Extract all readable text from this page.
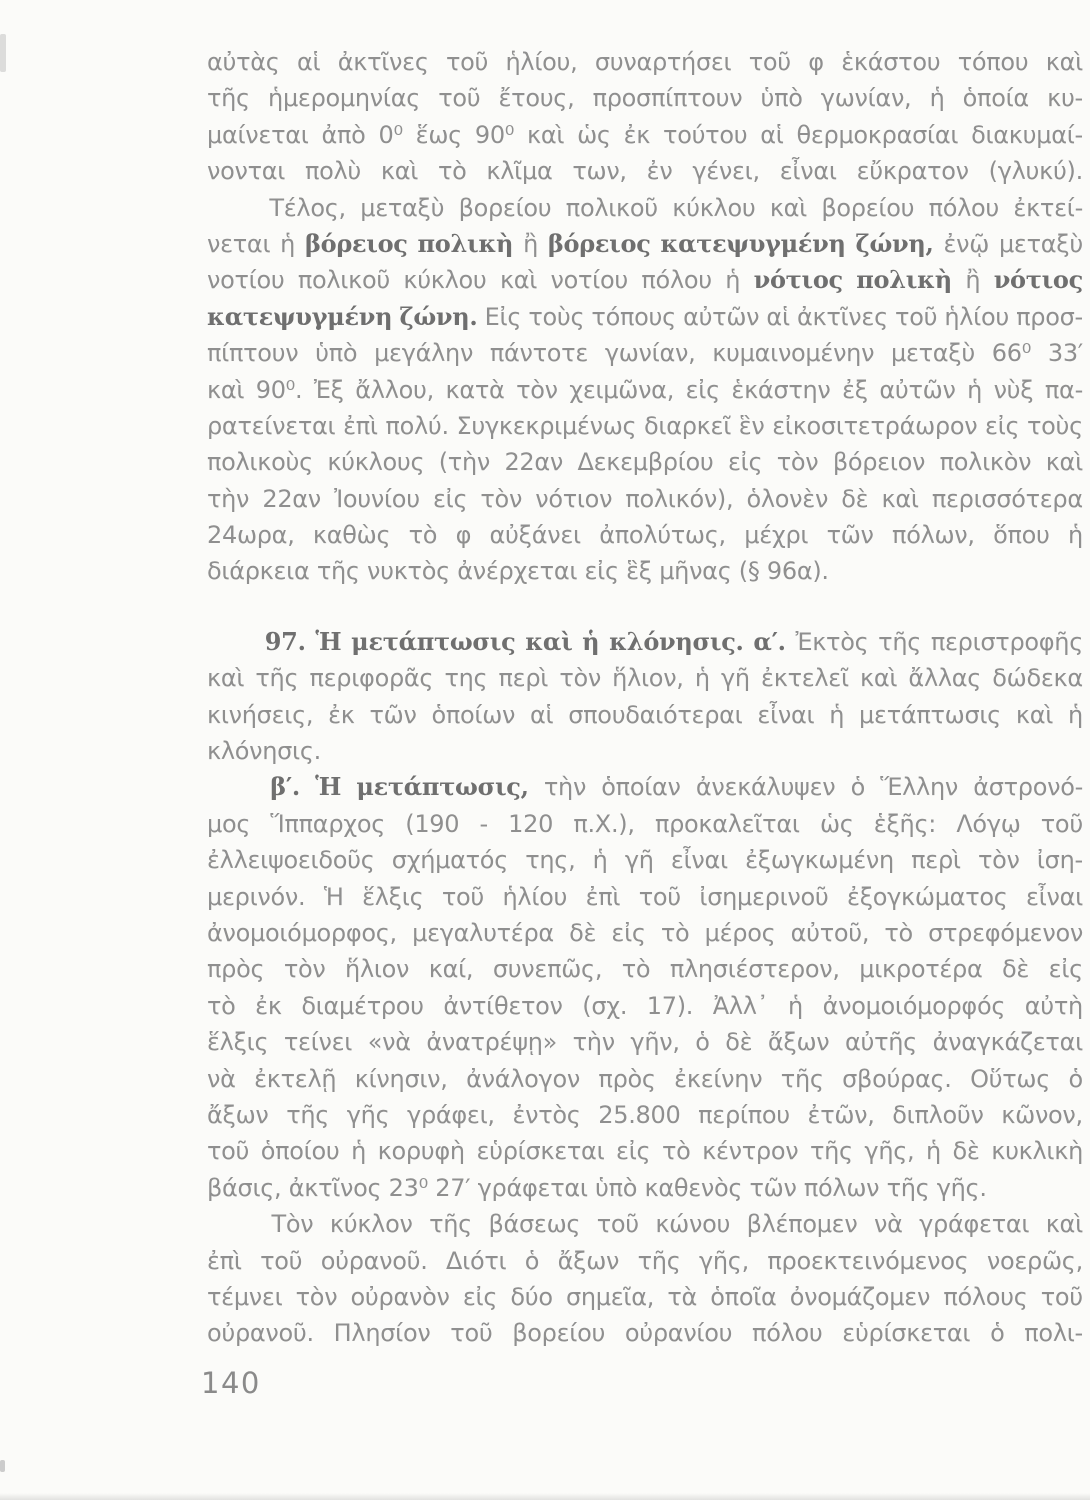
αὐτὰς αἱ ἀκτῖνες τοῦ ἡλίου, συναρτήσει τοῦ φ ἑκάστου τόπου καὶ
τῆς ἡμερομηνίας τοῦ ἔτους, προσπίπτουν ὑπὸ γωνίαν, ἡ ὁποία κυ-
μαίνεται ἀπὸ 0⁰ ἕως 90⁰ καὶ ὡς ἐκ τούτου αἱ θερμοκρασίαι διακυμαί-
νονται πολὺ καὶ τὸ κλῖμα των, ἐν γένει, εἶναι εὔκρατον (γλυκύ).
Τέλος, μεταξὺ βορείου πολικοῦ κύκλου καὶ βορείου πόλου ἐκτεί-
νεται ἡ βόρειος πολικὴ ἢ βόρειος κατεψυγμένη ζώνη, ἐνῷ μεταξὺ
νοτίου πολικοῦ κύκλου καὶ νοτίου πόλου ἡ νότιος πολικὴ ἢ νότιος
κατεψυγμένη ζώνη. Εἰς τοὺς τόπους αὐτῶν αἱ ἀκτῖνες τοῦ ἡλίου προσ-
πίπτουν ὑπὸ μεγάλην πάντοτε γωνίαν, κυμαινομένην μεταξὺ 66⁰ 33′
καὶ 90⁰. Ἐξ ἄλλου, κατὰ τὸν χειμῶνα, εἰς ἑκάστην ἐξ αὐτῶν ἡ νὺξ πα-
ρατείνεται ἐπὶ πολύ. Συγκεκριμένως διαρκεῖ ἓν εἰκοσιτετράωρον εἰς τοὺς
πολικοὺς κύκλους (τὴν 22αν Δεκεμβρίου εἰς τὸν βόρειον πολικὸν καὶ
τὴν 22αν Ἰουνίου εἰς τὸν νότιον πολικόν), ὁλονὲν δὲ καὶ περισσότερα
24ωρα, καθὼς τὸ φ αὐξάνει ἀπολύτως, μέχρι τῶν πόλων, ὅπου ἡ
διάρκεια τῆς νυκτὸς ἀνέρχεται εἰς ἓξ μῆνας (§ 96α).
97. Ἡ μετάπτωσις καὶ ἡ κλόνησις. α′. Ἐκτὸς τῆς περιστροφῆς
καὶ τῆς περιφορᾶς της περὶ τὸν ἥλιον, ἡ γῆ ἐκτελεῖ καὶ ἄλλας δώδεκα
κινήσεις, ἐκ τῶν ὁποίων αἱ σπουδαιότεραι εἶναι ἡ μετάπτωσις καὶ ἡ
κλόνησις.
β′. Ἡ μετάπτωσις, τὴν ὁποίαν ἀνεκάλυψεν ὁ Ἕλλην ἀστρονό-
μος Ἵππαρχος (190 - 120 π.Χ.), προκαλεῖται ὡς ἑξῆς: Λόγῳ τοῦ
ἐλλειψοειδοῦς σχήματός της, ἡ γῆ εἶναι ἐξωγκωμένη περὶ τὸν ἰση-
μερινόν. Ἡ ἕλξις τοῦ ἡλίου ἐπὶ τοῦ ἰσημερινοῦ ἐξογκώματος εἶναι
ἀνομοιόμορφος, μεγαλυτέρα δὲ εἰς τὸ μέρος αὐτοῦ, τὸ στρεφόμενον
πρὸς τὸν ἥλιον καί, συνεπῶς, τὸ πλησιέστερον, μικροτέρα δὲ εἰς
τὸ ἐκ διαμέτρου ἀντίθετον (σχ. 17). Ἀλλ᾽ ἡ ἀνομοιόμορφός αὐτὴ
ἕλξις τείνει «νὰ ἀνατρέψῃ» τὴν γῆν, ὁ δὲ ἄξων αὐτῆς ἀναγκάζεται
νὰ ἐκτελῇ κίνησιν, ἀνάλογον πρὸς ἐκείνην τῆς σβούρας. Οὕτως ὁ
ἄξων τῆς γῆς γράφει, ἐντὸς 25.800 περίπου ἐτῶν, διπλοῦν κῶνον,
τοῦ ὁποίου ἡ κορυφὴ εὑρίσκεται εἰς τὸ κέντρον τῆς γῆς, ἡ δὲ κυκλικὴ
βάσις, ἀκτῖνος 23⁰ 27′ γράφεται ὑπὸ καθενὸς τῶν πόλων τῆς γῆς.
Τὸν κύκλον τῆς βάσεως τοῦ κώνου βλέπομεν νὰ γράφεται καὶ
ἐπὶ τοῦ οὐρανοῦ. Διότι ὁ ἄξων τῆς γῆς, προεκτεινόμενος νοερῶς,
τέμνει τὸν οὐρανὸν εἰς δύο σημεῖα, τὰ ὁποῖα ὀνομάζομεν πόλους τοῦ
οὐρανοῦ. Πλησίον τοῦ βορείου οὐρανίου πόλου εὑρίσκεται ὁ πολι-
140
